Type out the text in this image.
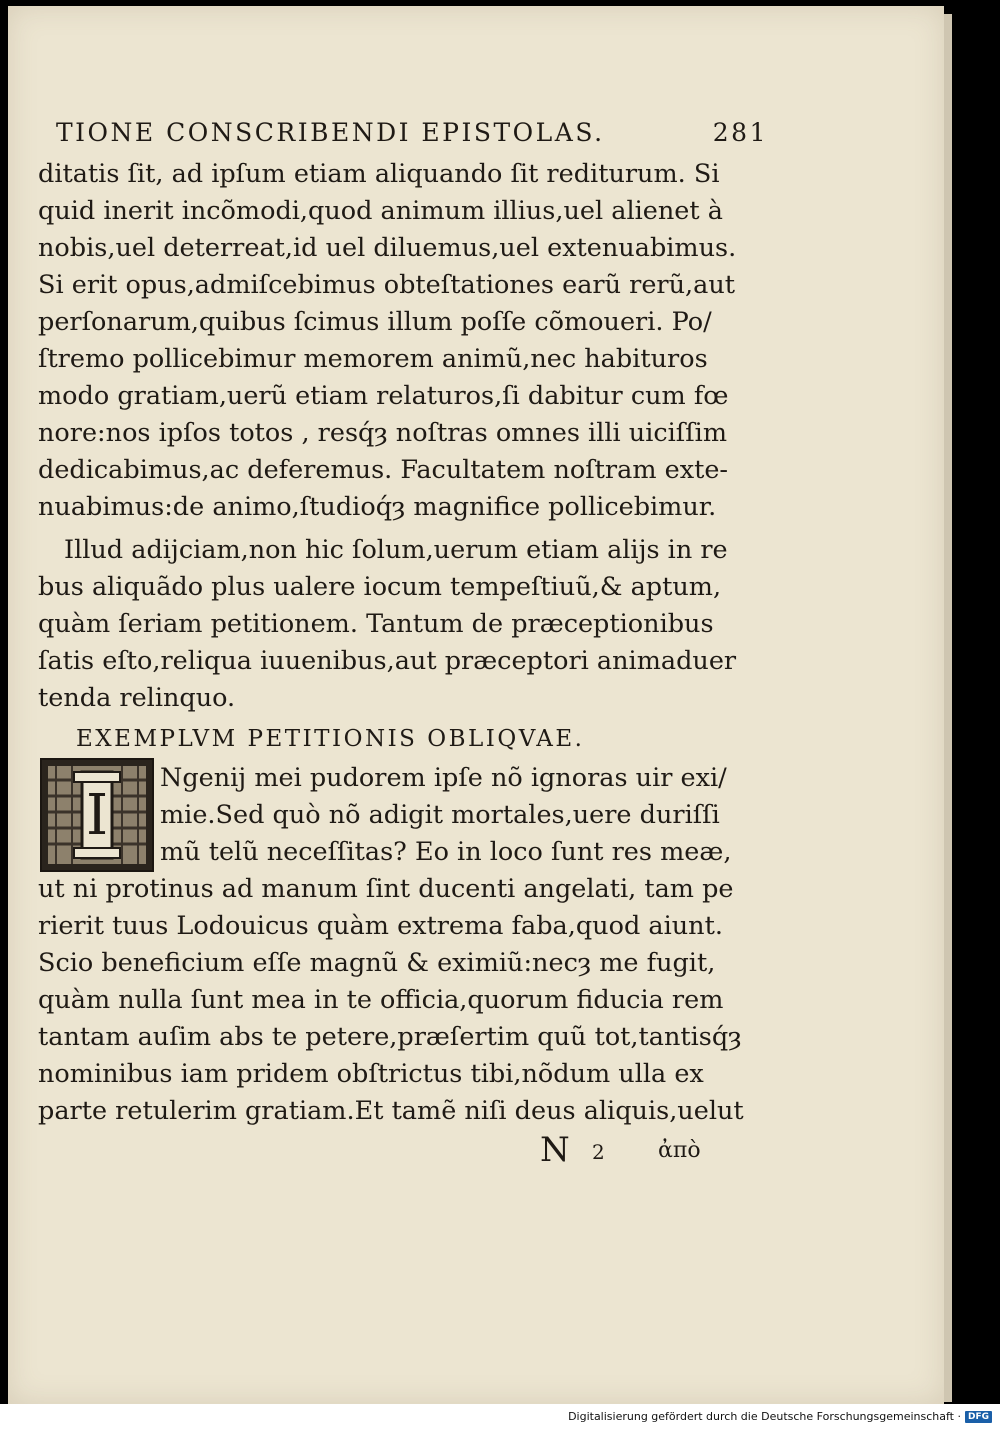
TIONE CONSCRIBENDI EPISTOLAS.	281
ditatis ſit, ad ipſum etiam aliquando ſit rediturum. Si
quid inerit incõmodi,quod animum illius,uel alienet à
nobis,uel deterreat,id uel diluemus,uel extenuabimus.
Si erit opus,admiſcebimus obteſtationes earũ rerũ,aut
perſonarum,quibus ſcimus illum poſſe cõmoueri. Po/
ſtremo pollicebimur memorem animũ,nec habituros
modo gratiam,uerũ etiam relaturos,ſi dabitur cum fœ
nore:nos ipſos totos , resq́ȝ noſtras omnes illi uiciſſim
dedicabimus,ac deferemus. Facultatem noſtram exte-
nuabimus:de animo,ſtudioq́ȝ magnifice pollicebimur.
Illud adijciam,non hic ſolum,uerum etiam alijs in re
bus aliquãdo plus ualere iocum tempeſtiuũ,& aptum,
quàm ſeriam petitionem. Tantum de præceptionibus
ſatis eſto,reliqua iuuenibus,aut præceptori animaduer
tenda relinquo.
EXEMPLVM PETITIONIS OBLIQVAE.
I
Ngenij mei pudorem ipſe nõ ignoras uir exi/
mie.Sed quò nõ adigit mortales,uere duriſſi
mũ telũ neceſſitas? Eo in loco ſunt res meæ,
ut ni protinus ad manum ſint ducenti angelati, tam pe
rierit tuus Lodouicus quàm extrema faba,quod aiunt.
Scio beneficium eſſe magnũ & eximiũ:necȝ me fugit,
quàm nulla ſunt mea in te officia,quorum fiducia rem
tantam auſim abs te petere,præſertim quũ tot,tantisq́ȝ
nominibus iam pridem obſtrictus tibi,nõdum ulla ex
parte retulerim gratiam.Et tamẽ niſi deus aliquis,uelut
N 2 ἀπὸ
Digitalisierung gefördert durch die Deutsche Forschungsgemeinschaft · DFG
